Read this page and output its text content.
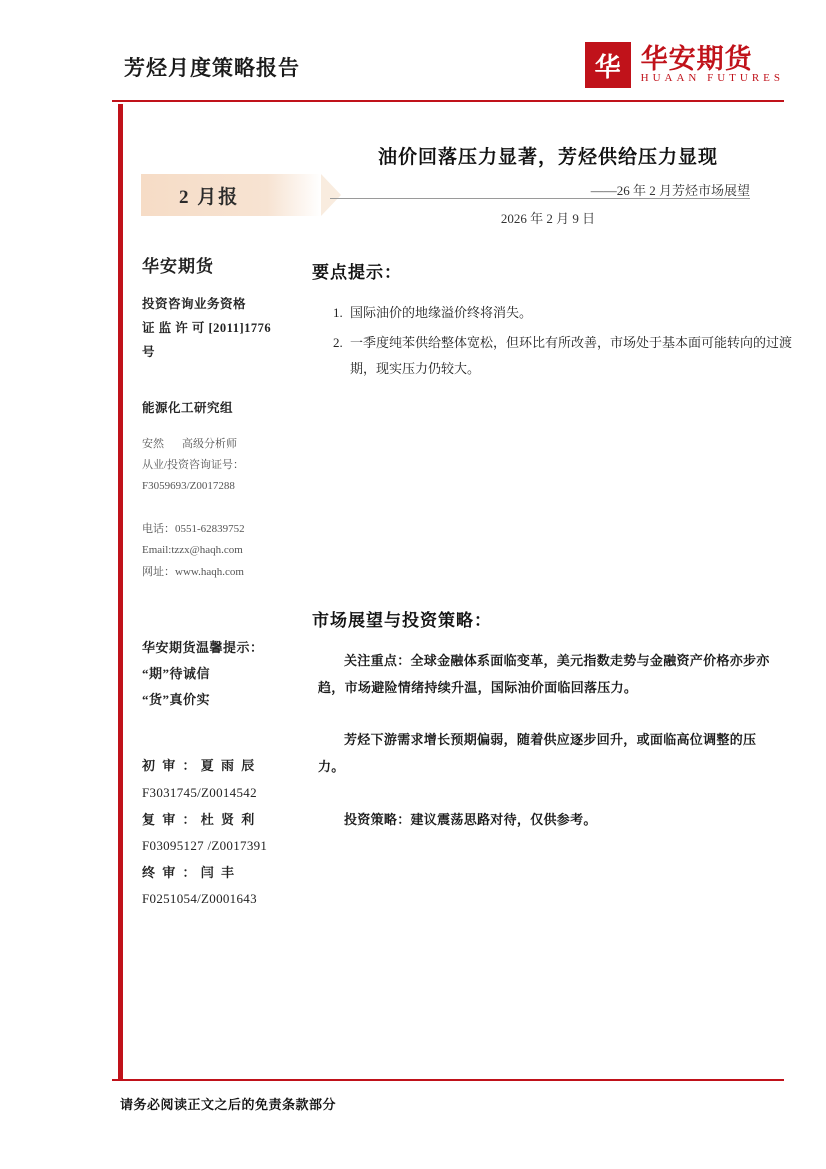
芳烃月度策略报告	华 华安期货
HUAAN FUTURES
2 月报
油价回落压力显著，芳烃供给压力显现
——26 年 2 月芳烃市场展望
2026 年 2 月 9 日
华安期货
投资咨询业务资格
证 监 许 可 [2011]1776
号
能源化工研究组
安然 高级分析师
从业/投资咨询证号：
F3059693/Z0017288
电话：0551-62839752
Email:tzzx@haqh.com
网址：www.haqh.com
华安期货温馨提示：
“期”待诚信
“货”真价实
初 审 ： 夏 雨 辰
F3031745/Z0014542
复 审 ： 杜 贤 利
F03095127 /Z0017391
终 审 ： 闫 丰
F0251054/Z0001643
要点提示：
1. 国际油价的地缘溢价终将消失。
2. 一季度纯苯供给整体宽松，但环比有所改善，市场处于基本面可能转向的过渡期，现实压力仍较大。
市场展望与投资策略：

关注重点：全球金融体系面临变革，美元指数走势与金融资产价格亦步亦趋，市场避险情绪持续升温，国际油价面临回落压力。

芳烃下游需求增长预期偏弱，随着供应逐步回升，或面临高位调整的压力。

投资策略：建议震荡思路对待，仅供参考。

请务必阅读正文之后的免责条款部分
